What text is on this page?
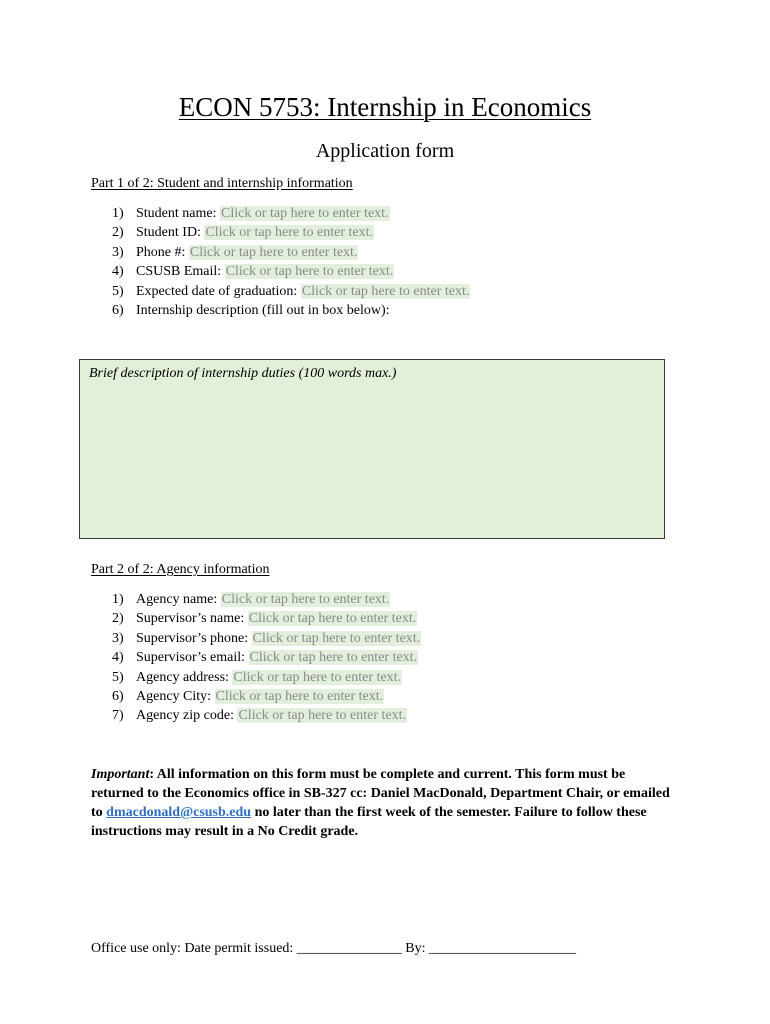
ECON 5753: Internship in Economics
Application form
Part 1 of 2: Student and internship information
1) Student name: Click or tap here to enter text.
2) Student ID: Click or tap here to enter text.
3) Phone #: Click or tap here to enter text.
4) CSUSB Email: Click or tap here to enter text.
5) Expected date of graduation: Click or tap here to enter text.
6) Internship description (fill out in box below):
Brief description of internship duties (100 words max.)
Part 2 of 2: Agency information
1) Agency name: Click or tap here to enter text.
2) Supervisor’s name: Click or tap here to enter text.
3) Supervisor’s phone: Click or tap here to enter text.
4) Supervisor’s email: Click or tap here to enter text.
5) Agency address: Click or tap here to enter text.
6) Agency City: Click or tap here to enter text.
7) Agency zip code: Click or tap here to enter text.
Important: All information on this form must be complete and current. This form must be returned to the Economics office in SB-327 cc: Daniel MacDonald, Department Chair, or emailed to dmacdonald@csusb.edu no later than the first week of the semester. Failure to follow these instructions may result in a No Credit grade.
Office use only: Date permit issued: _______________ By: _____________________
